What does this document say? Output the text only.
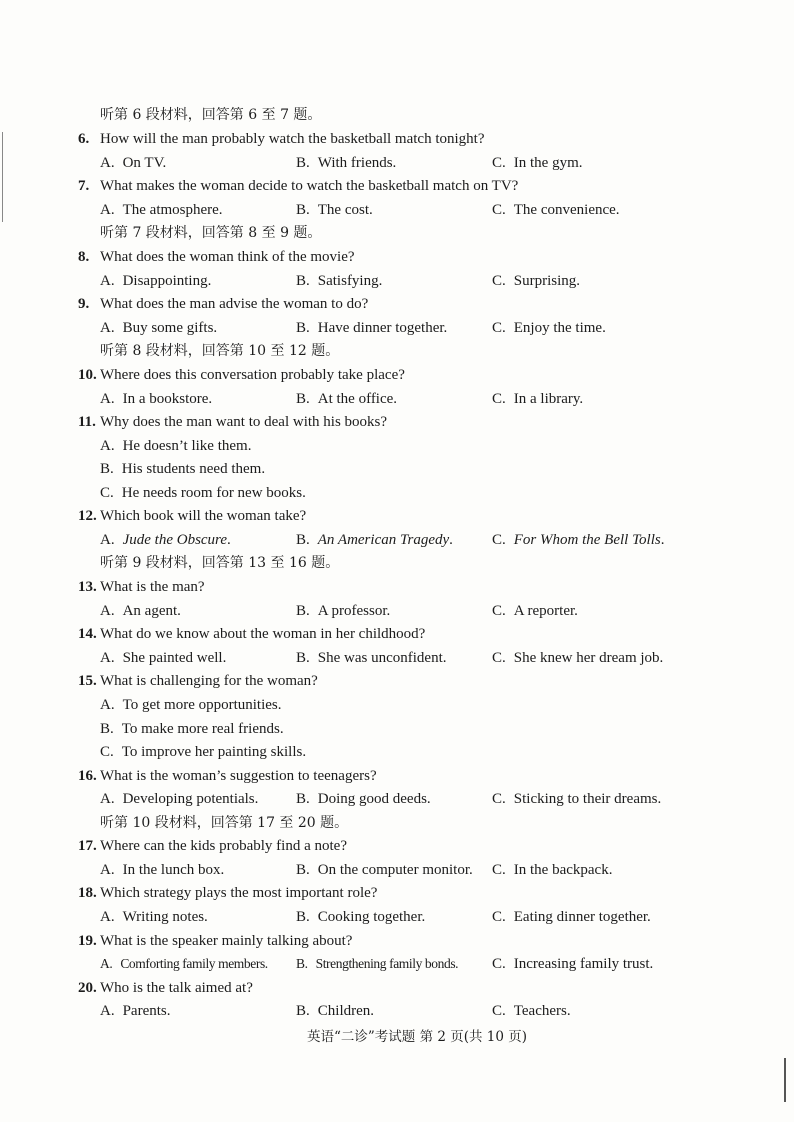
听第 6 段材料，回答第 6 至 7 题。
6. How will the man probably watch the basketball match tonight?
A. On TV.	B. With friends.	C. In the gym.
7. What makes the woman decide to watch the basketball match on TV?
A. The atmosphere.	B. The cost.	C. The convenience.
听第 7 段材料，回答第 8 至 9 题。
8. What does the woman think of the movie?
A. Disappointing.	B. Satisfying.	C. Surprising.
9. What does the man advise the woman to do?
A. Buy some gifts.	B. Have dinner together.	C. Enjoy the time.
听第 8 段材料，回答第 10 至 12 题。
10. Where does this conversation probably take place?
A. In a bookstore.	B. At the office.	C. In a library.
11. Why does the man want to deal with his books?
A. He doesn’t like them.
B. His students need them.
C. He needs room for new books.
12. Which book will the woman take?
A. Jude the Obscure.	B. An American Tragedy.	C. For Whom the Bell Tolls.
听第 9 段材料，回答第 13 至 16 题。
13. What is the man?
A. An agent.	B. A professor.	C. A reporter.
14. What do we know about the woman in her childhood?
A. She painted well.	B. She was unconfident.	C. She knew her dream job.
15. What is challenging for the woman?
A. To get more opportunities.
B. To make more real friends.
C. To improve her painting skills.
16. What is the woman’s suggestion to teenagers?
A. Developing potentials.	B. Doing good deeds.	C. Sticking to their dreams.
听第 10 段材料，回答第 17 至 20 题。
17. Where can the kids probably find a note?
A. In the lunch box.	B. On the computer monitor. C. In the backpack.
18. Which strategy plays the most important role?
A. Writing notes.	B. Cooking together.	C. Eating dinner together.
19. What is the speaker mainly talking about?
A. Comforting family members. B. Strengthening family bonds. C. Increasing family trust.
20. Who is the talk aimed at?
A. Parents.	B. Children.	C. Teachers.
英语“二诊”考试题 第 2 页(共 10 页)
